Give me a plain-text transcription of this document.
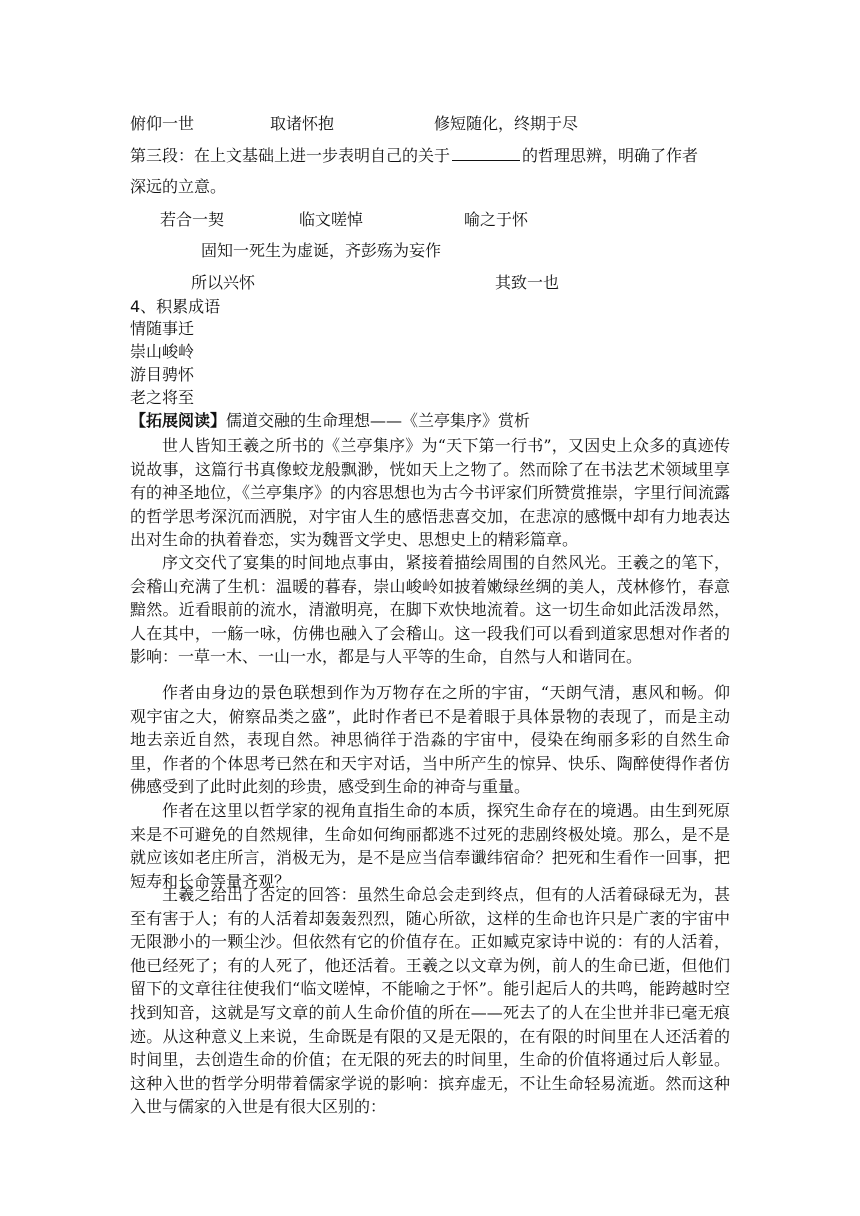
俯仰一世	取诸怀抱	修短随化，终期于尽
第三段：在上文基础上进一步表明自己的关于	的哲理思辨，明确了作者
深远的立意。
若合一契	临文嗟悼	喻之于怀
固知一死生为虚诞，齐彭殇为妄作
所以兴怀	其致一也
4、积累成语
情随事迁
崇山峻岭
游目骋怀
老之将至
【拓展阅读】儒道交融的生命理想——《兰亭集序》赏析
世人皆知王羲之所书的《兰亭集序》为“天下第一行书”，又因史上众多的真迹传说故事，这篇行书真像蛟龙般飘渺，恍如天上之物了。然而除了在书法艺术领域里享有的神圣地位，《兰亭集序》的内容思想也为古今书评家们所赞赏推崇，字里行间流露的哲学思考深沉而洒脱，对宇宙人生的感悟悲喜交加，在悲凉的感慨中却有力地表达出对生命的执着眷恋，实为魏晋文学史、思想史上的精彩篇章。
序文交代了宴集的时间地点事由，紧接着描绘周围的自然风光。王羲之的笔下，会稽山充满了生机：温暖的暮春，崇山峻岭如披着嫩绿丝绸的美人，茂林修竹，春意黯然。近看眼前的流水，清澈明亮，在脚下欢快地流着。这一切生命如此活泼昂然，人在其中，一觞一咏，仿佛也融入了会稽山。这一段我们可以看到道家思想对作者的影响：一草一木、一山一水，都是与人平等的生命，自然与人和谐同在。
作者由身边的景色联想到作为万物存在之所的宇宙，“天朗气清，惠风和畅。仰观宇宙之大，俯察品类之盛”，此时作者已不是着眼于具体景物的表现了，而是主动地去亲近自然，表现自然。神思徜徉于浩淼的宇宙中，侵染在绚丽多彩的自然生命里，作者的个体思考已然在和天宇对话，当中所产生的惊异、快乐、陶醉使得作者仿佛感受到了此时此刻的珍贵，感受到生命的神奇与重量。
作者在这里以哲学家的视角直指生命的本质，探究生命存在的境遇。由生到死原来是不可避免的自然规律，生命如何绚丽都逃不过死的悲剧终极处境。那么，是不是就应该如老庄所言，消极无为，是不是应当信奉谶纬宿命？把死和生看作一回事，把短寿和长命等量齐观？
王羲之给出了否定的回答：虽然生命总会走到终点，但有的人活着碌碌无为，甚至有害于人；有的人活着却轰轰烈烈，随心所欲，这样的生命也许只是广袤的宇宙中无限渺小的一颗尘沙。但依然有它的价值存在。正如臧克家诗中说的：有的人活着，他已经死了；有的人死了，他还活着。王羲之以文章为例，前人的生命已逝，但他们留下的文章往往使我们“临文嗟悼，不能喻之于怀”。能引起后人的共鸣，能跨越时空找到知音，这就是写文章的前人生命价值的所在——死去了的人在尘世并非已毫无痕迹。从这种意义上来说，生命既是有限的又是无限的，在有限的时间里在人还活着的时间里，去创造生命的价值；在无限的死去的时间里，生命的价值将通过后人彰显。这种入世的哲学分明带着儒家学说的影响：摈弃虚无，不让生命轻易流逝。然而这种入世与儒家的入世是有很大区别的：
